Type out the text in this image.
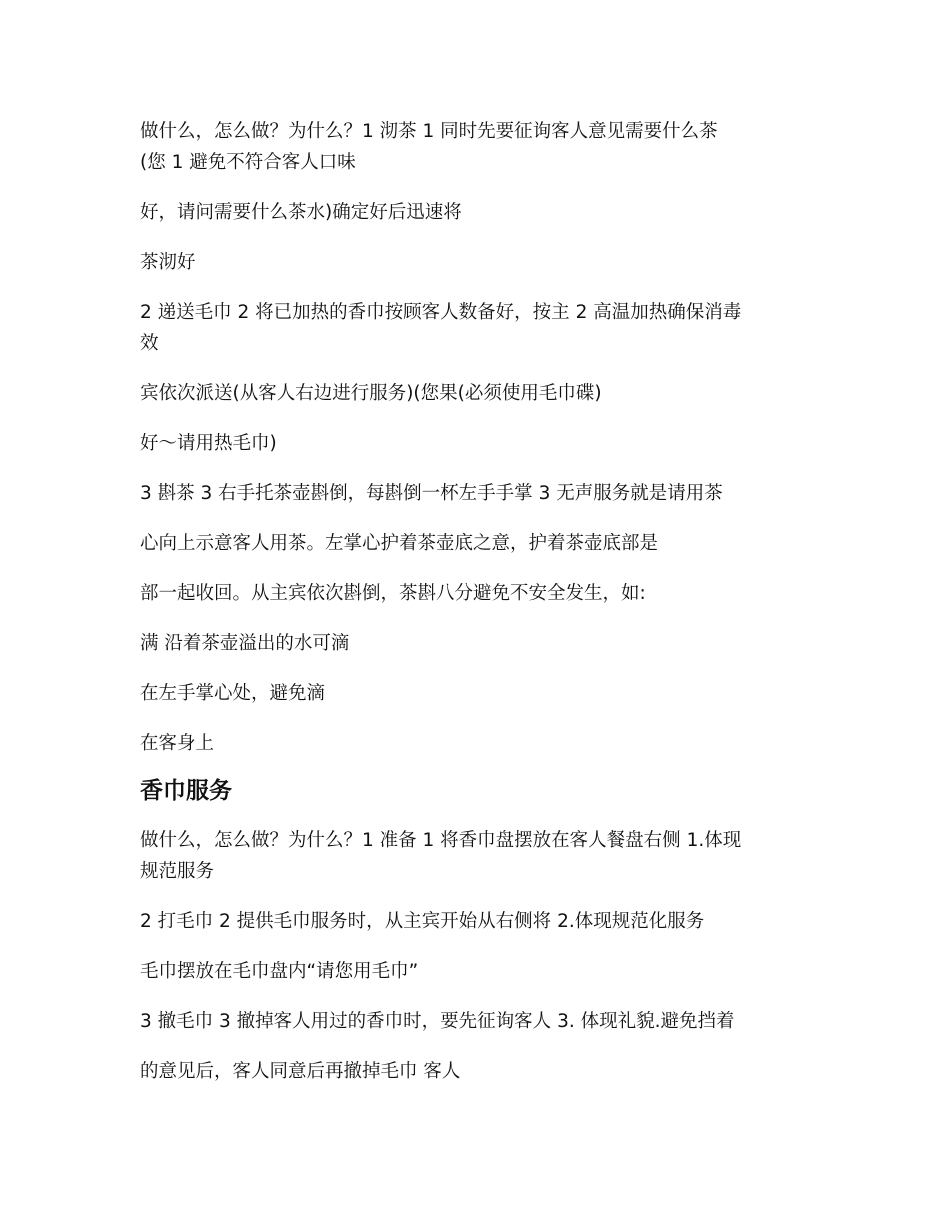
做什么，怎么做？为什么？1 沏茶 1 同时先要征询客人意见需要什么茶
(您 1 避免不符合客人口味

好，请问需要什么茶水)确定好后迅速将

茶沏好

2 递送毛巾 2 将已加热的香巾按顾客人数备好，按主 2 高温加热确保消毒
效

宾依次派送(从客人右边进行服务)(您果(必须使用毛巾碟)

好～请用热毛巾)

3 斟茶 3 右手托茶壶斟倒，每斟倒一杯左手手掌 3 无声服务就是请用茶

心向上示意客人用茶。左掌心护着茶壶底之意，护着茶壶底部是

部一起收回。从主宾依次斟倒，茶斟八分避免不安全发生，如:

满 沿着茶壶溢出的水可滴

在左手掌心处，避免滴

在客身上

香巾服务

做什么，怎么做？为什么？1 准备 1 将香巾盘摆放在客人餐盘右侧 1.体现
规范服务

2 打毛巾 2 提供毛巾服务时，从主宾开始从右侧将 2.体现规范化服务

毛巾摆放在毛巾盘内“请您用毛巾”

3 撤毛巾 3 撤掉客人用过的香巾时，要先征询客人 3. 体现礼貌.避免挡着

的意见后，客人同意后再撤掉毛巾 客人
